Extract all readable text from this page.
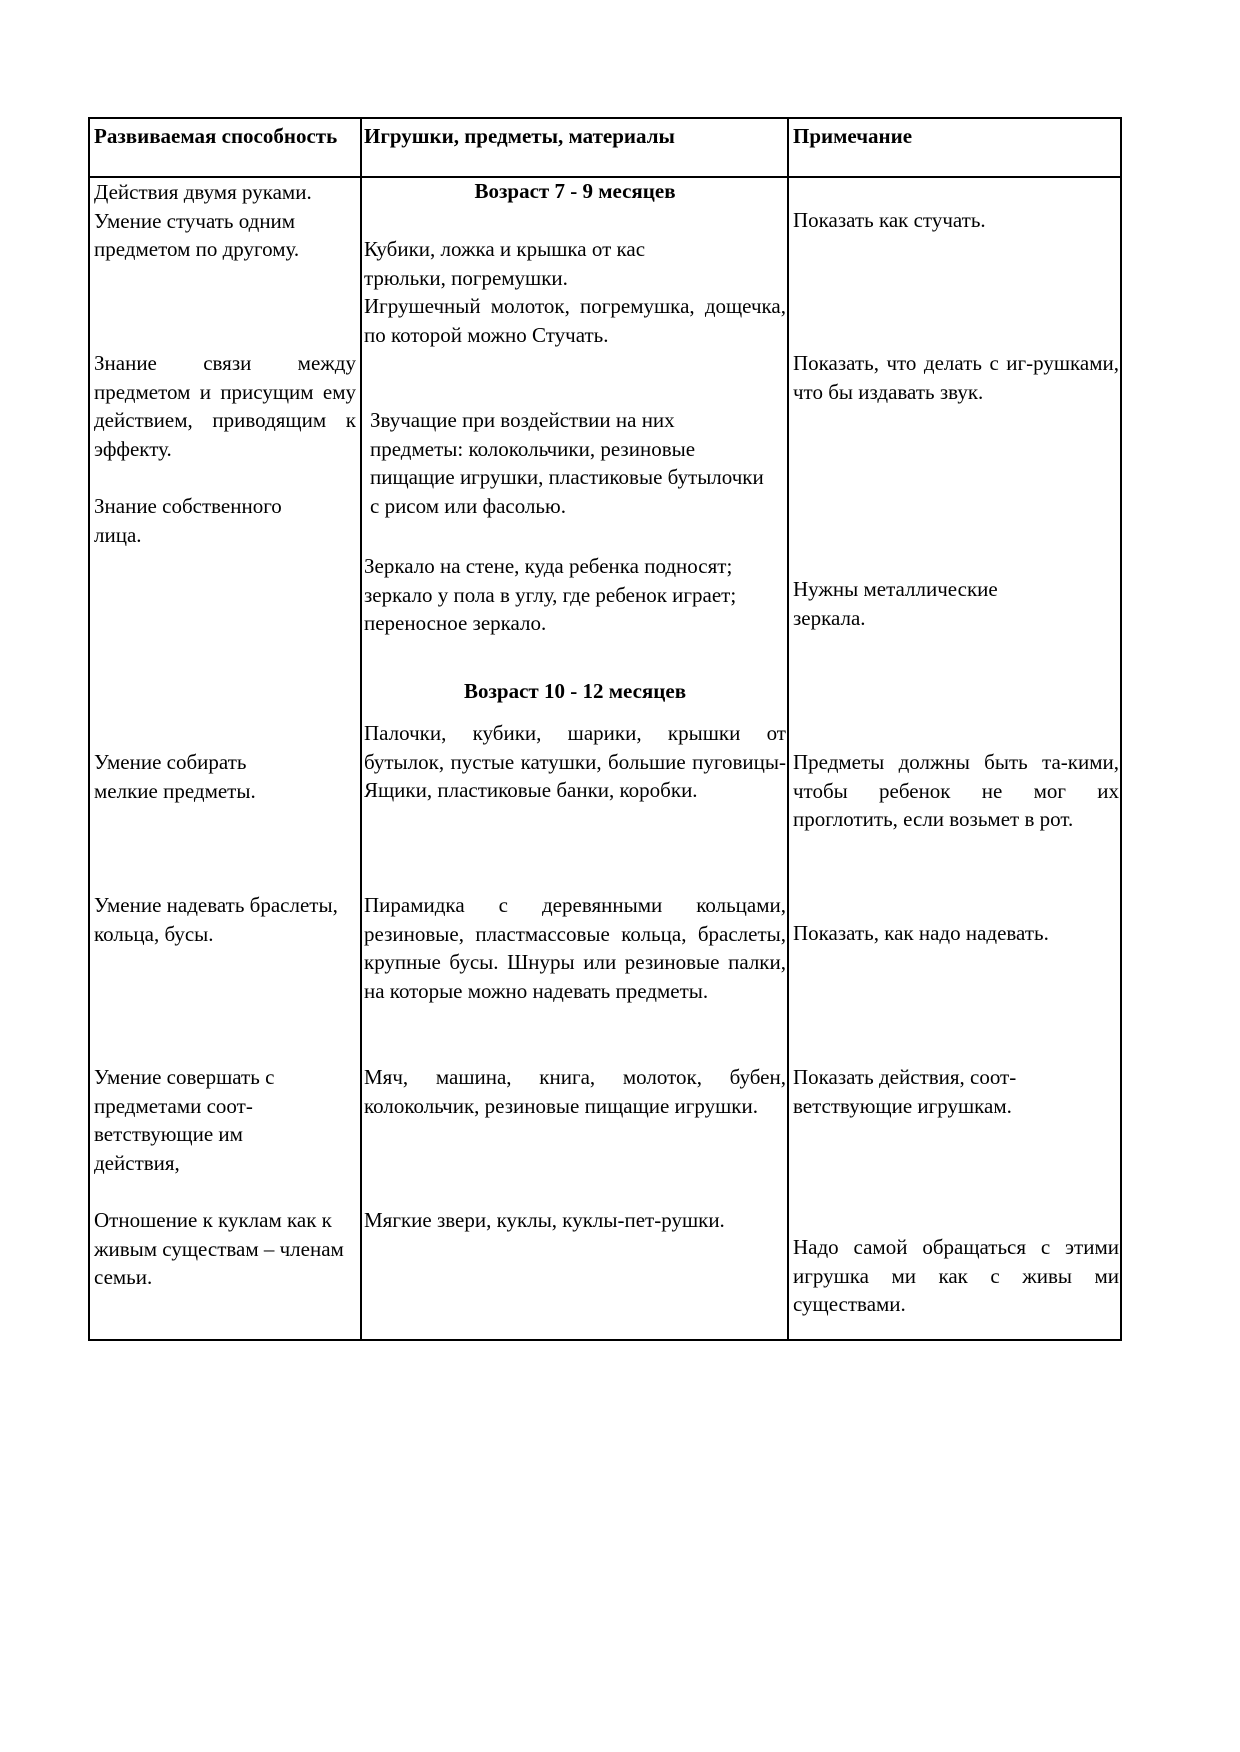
Развиваемая способность	Игрушки, предметы, материалы	Примечание
Возраст 7 - 9 месяцев
Действия двумя руками. Умение стучать одним предметом по другому.
Знание связи между предметом и присущим ему действием, приводящим к эффекту.
Знание собственного лица.
Кубики, ложка и крышка от кас трюльки, погремушки.
Игрушечный молоток, погремушка, дощечка, по которой можно Стучать.
Звучащие при воздействии на них предметы: колокольчики, резиновые пищащие игрушки, пластиковые бутылочки с рисом или фасолью.
Зеркало на стене, куда ребенка подносят; зеркало у пола в углу, где ребенок играет; переносное зеркало.
Показать как стучать.
Показать, что делать с иг-рушками, что бы издавать звук.
Нужны металлические зеркала.
Возраст 10 - 12 месяцев
Умение собирать мелкие предметы.
Умение надевать браслеты, кольца, бусы.
Умение совершать с предметами соот-ветствующие им действия,
Отношение к куклам как к живым существам – членам семьи.
Палочки, кубики, шарики, крышки от бутылок, пустые катушки, большие пуговицы- Ящики, пластиковые банки, коробки.
Пирамидка с деревянными кольцами, резиновые, пластмассовые кольца, браслеты, крупные бусы. Шнуры или резиновые палки, на которые можно надевать предметы.
Мяч, машина, книга, молоток, бубен, колокольчик, резиновые пищащие игрушки.
Мягкие звери, куклы, куклы-пет-рушки.
Предметы должны быть та-кими, чтобы ребенок не мог их проглотить, если возьмет в рот.
Показать, как надо надевать.
Показать действия, соот-ветствующие игрушкам.
Надо самой обращаться с этими игрушка ми как с живы ми существами.
